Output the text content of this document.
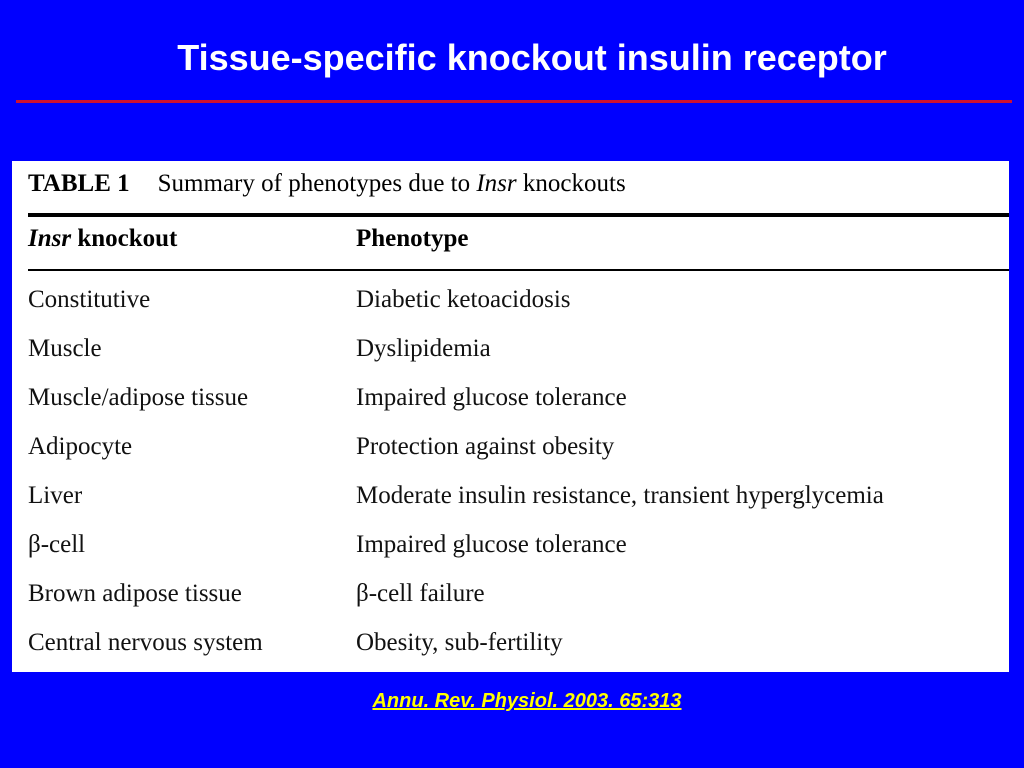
Tissue-specific knockout insulin receptor
TABLE 1 Summary of phenotypes due to Insr knockouts
Insr knockout	Phenotype
Constitutive	Diabetic ketoacidosis
Muscle	Dyslipidemia
Muscle/adipose tissue	Impaired glucose tolerance
Adipocyte	Protection against obesity
Liver	Moderate insulin resistance, transient hyperglycemia
β-cell	Impaired glucose tolerance
Brown adipose tissue	β-cell failure
Central nervous system	Obesity, sub-fertility
Annu. Rev. Physiol. 2003. 65:313
